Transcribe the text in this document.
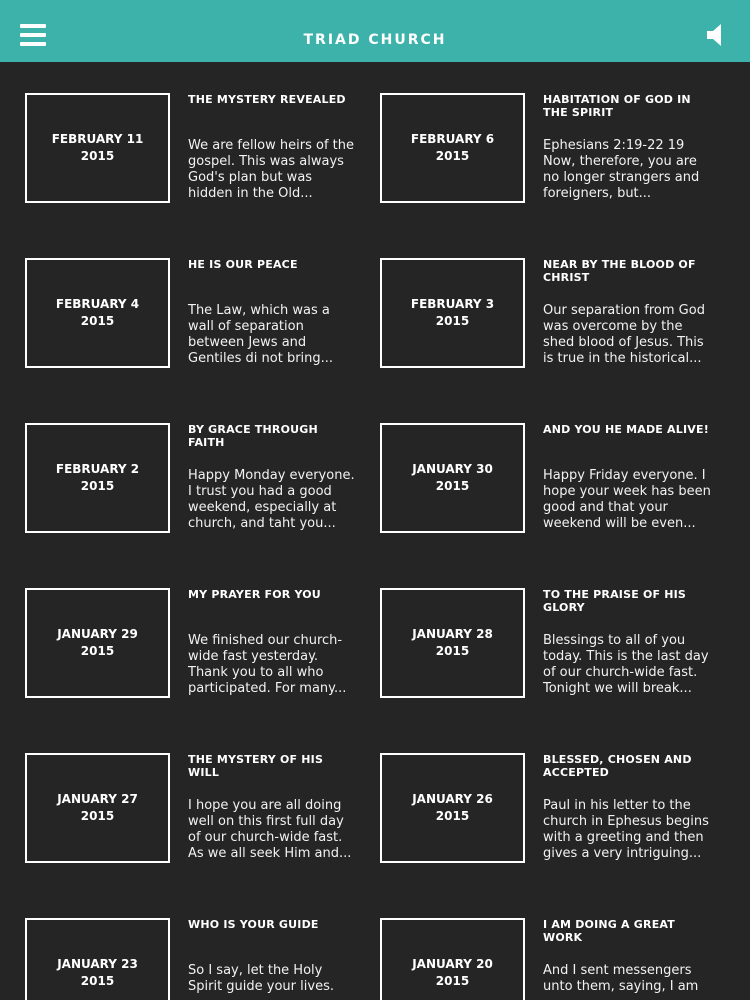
TRIAD CHURCH
FEBRUARY 11
2015
THE MYSTERY REVEALED
We are fellow heirs of the gospel. This was always God's plan but was hidden in the Old...
FEBRUARY 6
2015
HABITATION OF GOD IN THE SPIRIT
Ephesians 2:19-22 19 Now, therefore, you are no longer strangers and foreigners, but...
FEBRUARY 4
2015
HE IS OUR PEACE
The Law, which was a wall of separation between Jews and Gentiles di not bring...
FEBRUARY 3
2015
NEAR BY THE BLOOD OF CHRIST
Our separation from God was overcome by the shed blood of Jesus. This is true in the historical...
FEBRUARY 2
2015
BY GRACE THROUGH FAITH
Happy Monday everyone. I trust you had a good weekend, especially at church, and taht you...
JANUARY 30
2015
AND YOU HE MADE ALIVE!
Happy Friday everyone. I hope your week has been good and that your weekend will be even...
JANUARY 29
2015
MY PRAYER FOR YOU
We finished our church-wide fast yesterday. Thank you to all who participated. For many...
JANUARY 28
2015
TO THE PRAISE OF HIS GLORY
Blessings to all of you today. This is the last day of our church-wide fast. Tonight we will break...
JANUARY 27
2015
THE MYSTERY OF HIS WILL
I hope you are all doing well on this first full day of our church-wide fast. As we all seek Him and...
JANUARY 26
2015
BLESSED, CHOSEN AND ACCEPTED
Paul in his letter to the church in Ephesus begins with a greeting and then gives a very intriguing...
JANUARY 23
2015
WHO IS YOUR GUIDE
So I say, let the Holy Spirit guide your lives.
JANUARY 20
2015
I AM DOING A GREAT WORK
And I sent messengers unto them, saying, I am
